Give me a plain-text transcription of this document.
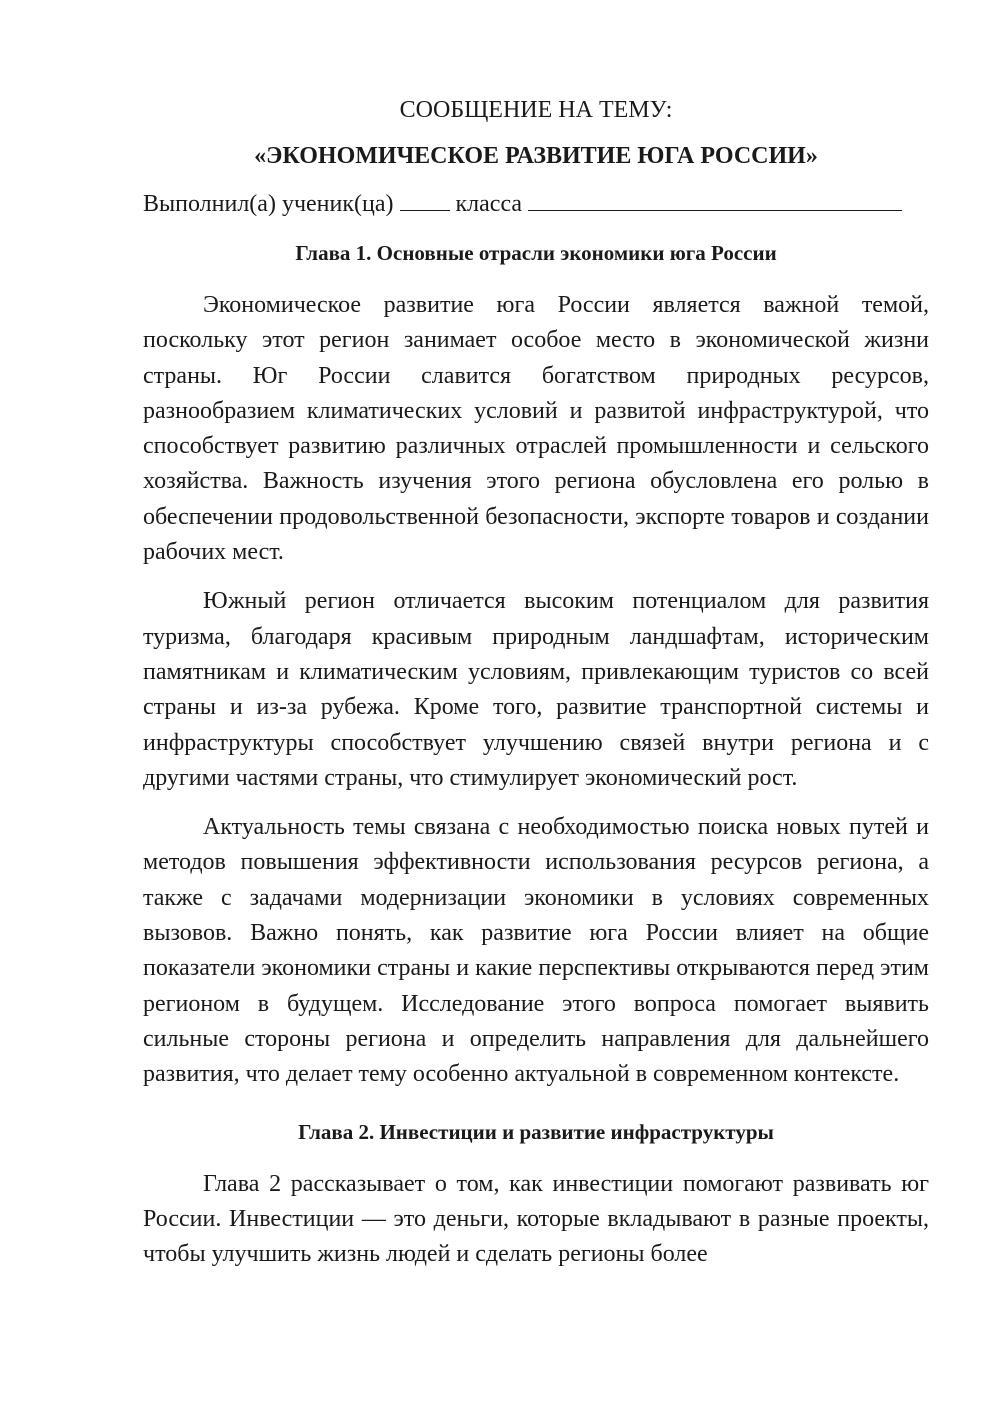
СООБЩЕНИЕ НА ТЕМУ:

«ЭКОНОМИЧЕСКОЕ РАЗВИТИЕ ЮГА РОССИИ»

Выполнил(а) ученик(ца)	класса

Глава 1. Основные отрасли экономики юга России

Экономическое развитие юга России является важной темой, поскольку этот регион занимает особое место в экономической жизни страны. Юг России славится богатством природных ресурсов, разнообразием климатических условий и развитой инфраструктурой, что способствует развитию различных отраслей промышленности и сельского хозяйства. Важность изучения этого региона обусловлена его ролью в обеспечении продовольственной безопасности, экспорте товаров и создании рабочих мест.

Южный регион отличается высоким потенциалом для развития туризма, благодаря красивым природным ландшафтам, историческим памятникам и климатическим условиям, привлекающим туристов со всей страны и из-за рубежа. Кроме того, развитие транспортной системы и инфраструктуры способствует улучшению связей внутри региона и с другими частями страны, что стимулирует экономический рост.

Актуальность темы связана с необходимостью поиска новых путей и методов повышения эффективности использования ресурсов региона, а также с задачами модернизации экономики в условиях современных вызовов. Важно понять, как развитие юга России влияет на общие показатели экономики страны и какие перспективы открываются перед этим регионом в будущем. Исследование этого вопроса помогает выявить сильные стороны региона и определить направления для дальнейшего развития, что делает тему особенно актуальной в современном контексте.

Глава 2. Инвестиции и развитие инфраструктуры

Глава 2 рассказывает о том, как инвестиции помогают развивать юг России. Инвестиции — это деньги, которые вкладывают в разные проекты, чтобы улучшить жизнь людей и сделать регионы более
